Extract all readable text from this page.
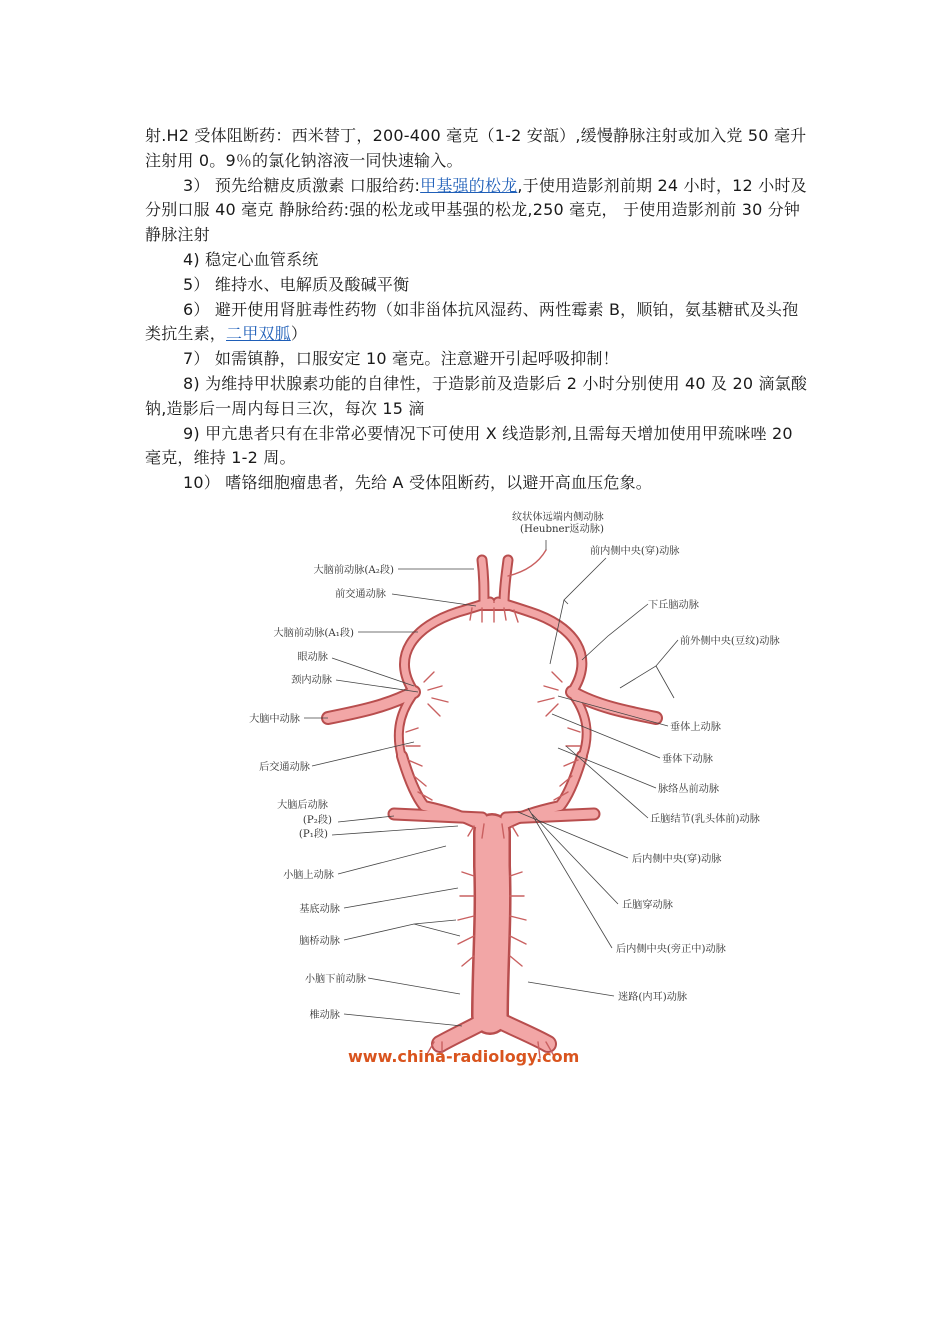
射.H2 受体阻断药：西米替丁，200-400 毫克（1-2 安瓿）,缓慢静脉注射或加入党 50 毫升注射用 0。9％的氯化钠溶液一同快速输入。

3） 预先给糖皮质激素 口服给药:甲基强的松龙,于使用造影剂前期 24 小时，12 小时及分别口服 40 毫克 静脉给药:强的松龙或甲基强的松龙,250 毫克， 于使用造影剂前 30 分钟静脉注射

4) 稳定心血管系统

5） 维持水、电解质及酸碱平衡

6） 避开使用肾脏毒性药物（如非甾体抗风湿药、两性霉素 B，顺铂，氨基糖甙及头孢类抗生素，二甲双胍）

7） 如需镇静，口服安定 10 毫克。注意避开引起呼吸抑制！

8) 为维持甲状腺素功能的自律性，于造影前及造影后 2 小时分别使用 40 及 20 滴氯酸钠,造影后一周内每日三次，每次 15 滴

9) 甲亢患者只有在非常必要情况下可使用 X 线造影剂,且需每天增加使用甲巯咪唑 20 毫克，维持 1-2 周。

10） 嗜铬细胞瘤患者，先给 A 受体阻断药，以避开高血压危象。

纹状体远端内侧动脉
(Heubner返动脉)
前内侧中央(穿)动脉
大脑前动脉(A₂段)
前交通动脉
下丘脑动脉
大脑前动脉(A₁段)
前外侧中央(豆纹)动脉
眼动脉
颈内动脉
大脑中动脉
垂体上动脉
垂体下动脉
后交通动脉
脉络丛前动脉
大脑后动脉
(P₂段)
(P₁段)
丘脑结节(乳头体前)动脉
后内侧中央(穿)动脉
小脑上动脉
丘脑穿动脉
基底动脉
脑桥动脉
后内侧中央(旁正中)动脉
小脑下前动脉
迷路(内耳)动脉
椎动脉
www.china-radiology.com
